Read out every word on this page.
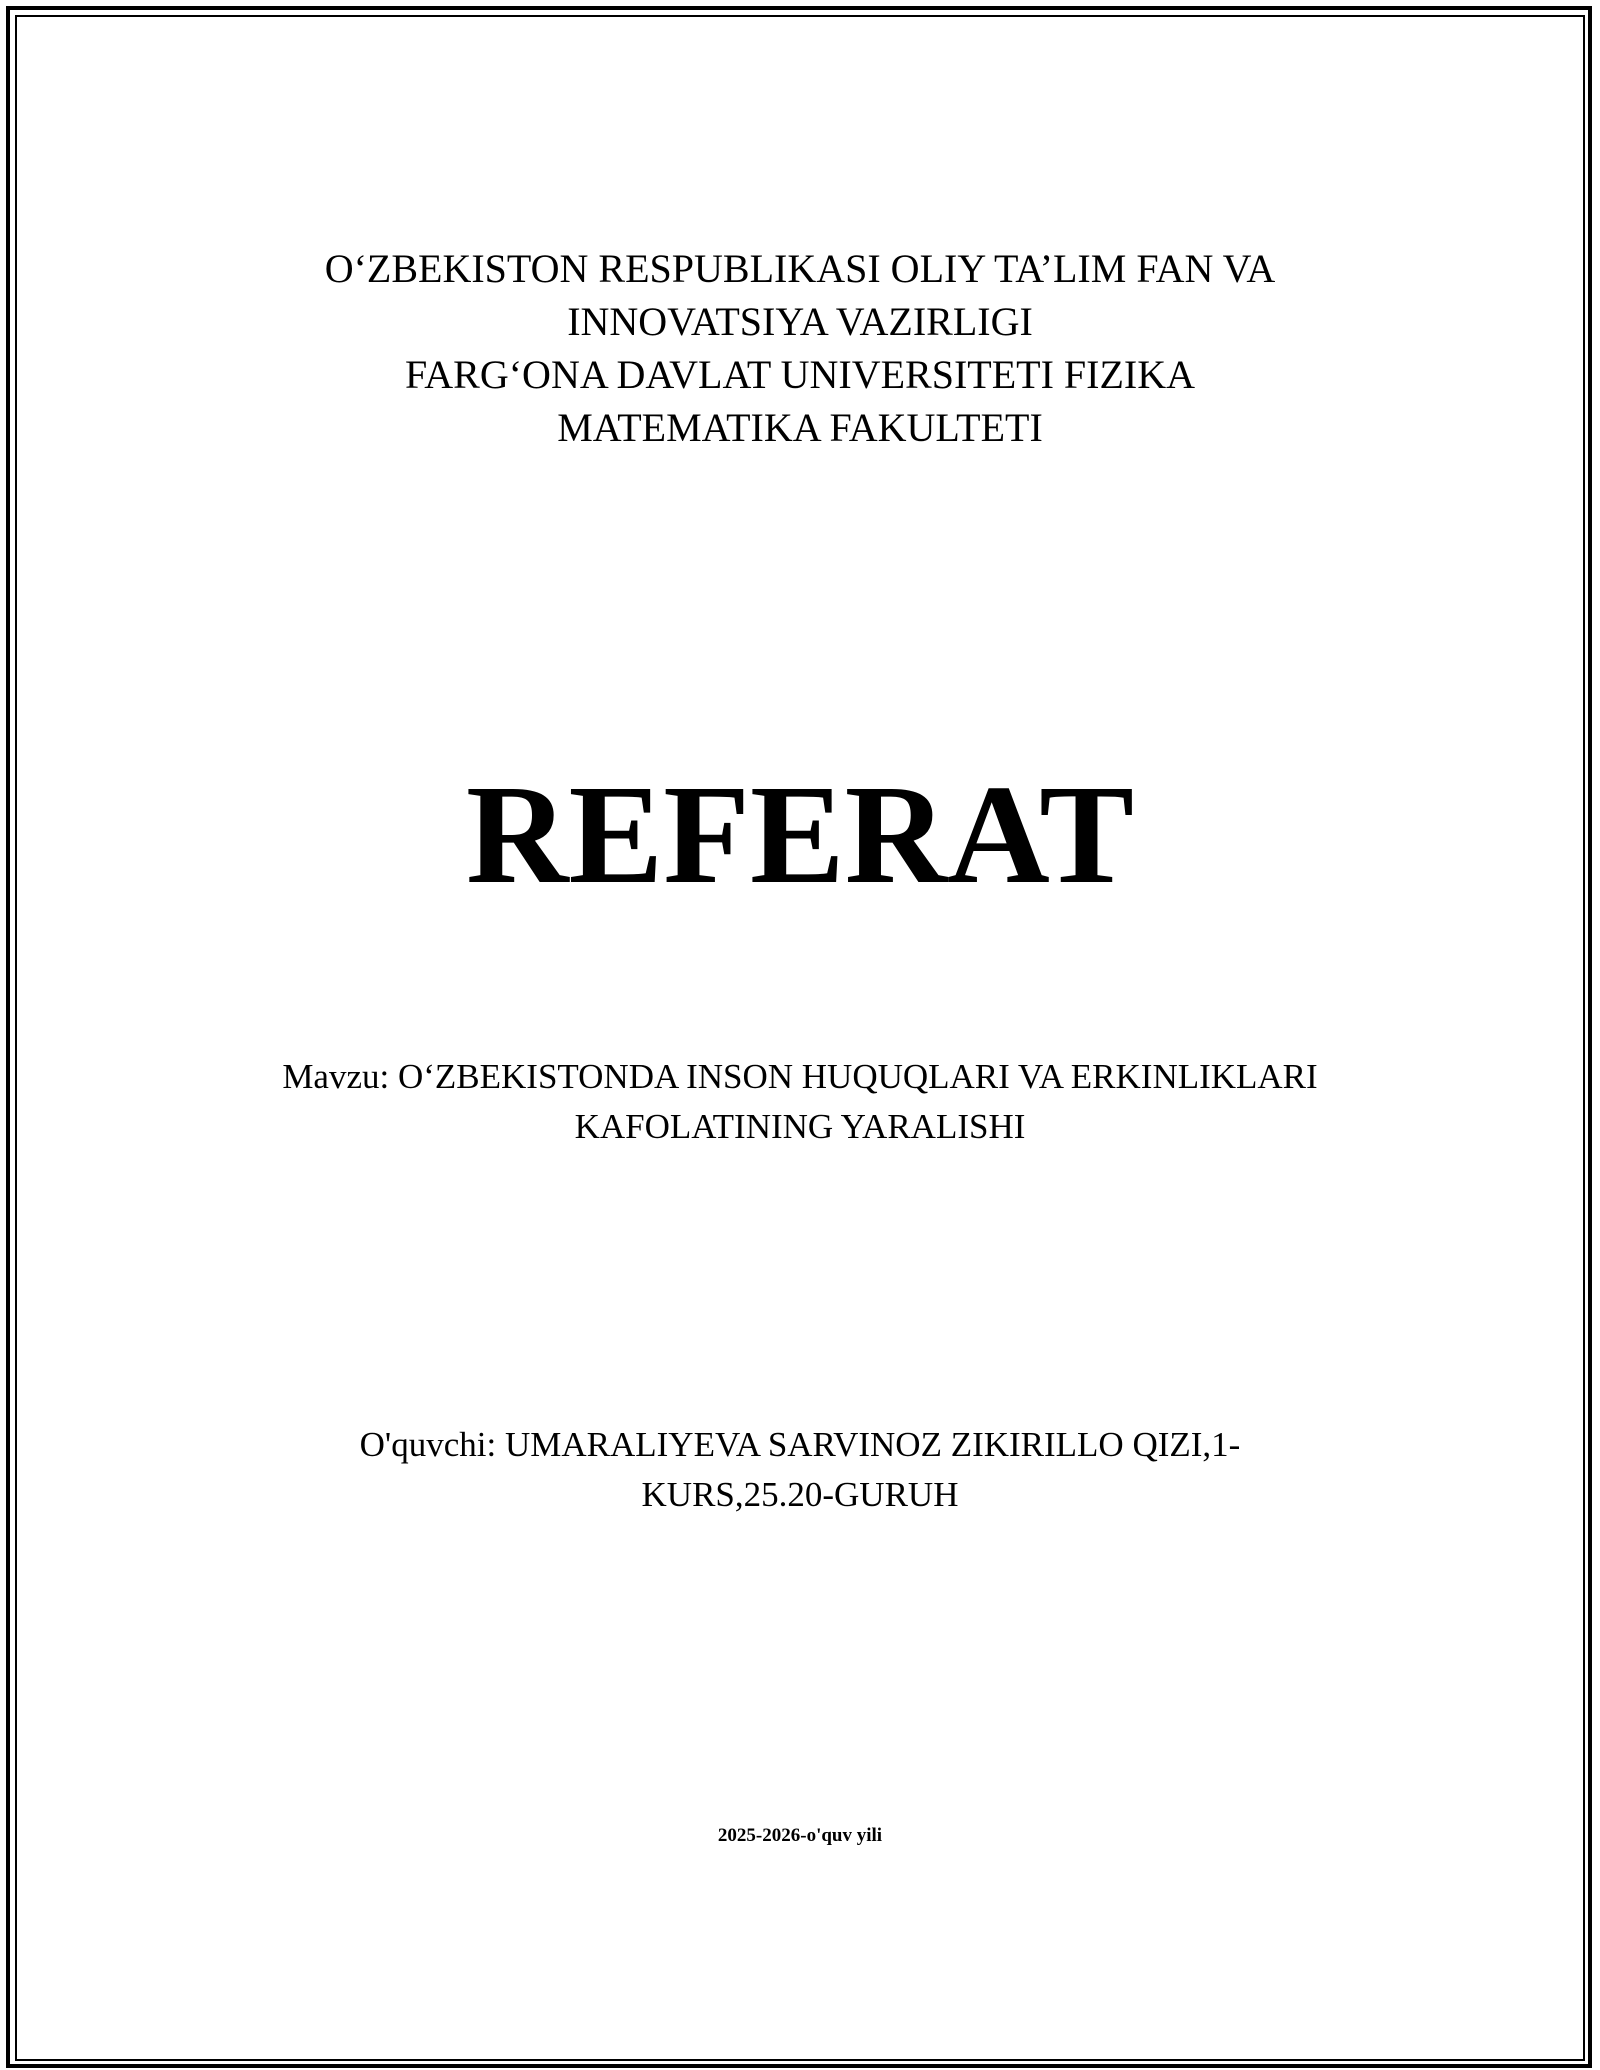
O‘ZBEKISTON RESPUBLIKASI OLIY TA’LIM FAN VA
INNOVATSIYA VAZIRLIGI
FARG‘ONA DAVLAT UNIVERSITETI FIZIKA
MATEMATIKA FAKULTETI
REFERAT
Mavzu: O‘ZBEKISTONDA INSON HUQUQLARI VA ERKINLIKLARI
KAFOLATINING YARALISHI
O'quvchi: UMARALIYEVA SARVINOZ ZIKIRILLO QIZI,1-
KURS,25.20-GURUH
2025-2026-o'quv yili
